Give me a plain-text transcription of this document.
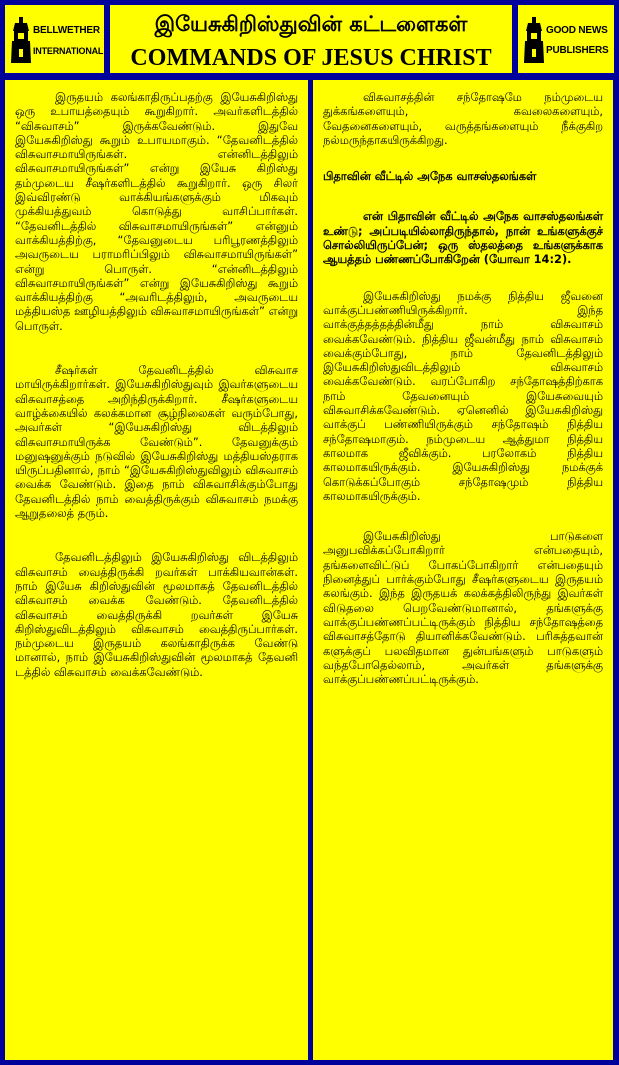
BELLWETHER
INTERNATIONAL
இயேசுகிறிஸ்துவின் கட்டளைகள்
COMMANDS OF JESUS CHRIST
GOOD NEWS
PUBLISHERS

இருதயம் கலங்காதிருப்பதற்கு இயேசுகிறிஸ்து ஒரு உபாயத்தையும் கூறுகிறார். அவர்களிடத்தில் “விசுவாசம்” இருக்கவேண்டும். இதுவே இயேசுகிறிஸ்து கூறும் உபாயமாகும். “தேவனிடத்தில் விசுவாசமாயிருங்கள். என்னிடத்திலும் விசுவாசமாயிருங்கள்” என்று இயேசு கிறிஸ்து தம்முடைய சீஷர்களிடத்தில் கூறுகிறார். ஒரு சிலர் இவ்விரண்டு வாக்கியங்களுக்கும் மிகவும் முக்கியத்துவம் கொடுத்து வாசிப்பார்கள். “தேவனிடத்தில் விசுவாசமாயிருங்கள்” என்னும் வாக்கியத்திற்கு, “தேவனுடைய பரிபூரணத்திலும் அவருடைய பராமரிப்பிலும் விசுவாசமாயிருங்கள்” என்று பொருள். “என்னிடத்திலும் விசுவாசமாயிருங்கள்” என்று இயேசுகிறிஸ்து கூறும் வாக்கியத்திற்கு “அவரிடத்திலும், அவருடைய மத்தியஸ்த ஊழியத்திலும் விசுவாசமாயிருங்கள்” என்று பொருள்.

சீஷர்கள் தேவனிடத்தில் விசுவாச மாயிருக்கிறார்கள். இயேசுகிறிஸ்துவும் இவர்களுடைய விசுவாசத்தை அறிந்திருக்கிறார். சீஷர்களுடைய வாழ்க்கையில் கலக்கமான சூழ்நிலைகள் வரும்போது, அவர்கள் “இயேசுகிறிஸ்து விடத்திலும் விசுவாசமாயிருக்க வேண்டும்”. தேவனுக்கும் மனுஷனுக்கும் நடுவில் இயேசுகிறிஸ்து மத்தியஸ்தராக யிருப்பதினால், நாம் “இயேசுகிறிஸ்துவிலும் விசுவாசம் வைக்க வேண்டும். இதை நாம் விசுவாசிக்கும்போது தேவனிடத்தில் நாம் வைத்திருக்கும் விசுவாசம் நமக்கு ஆறுதலைத் தரும்.

தேவனிடத்திலும் இயேசுகிறிஸ்து விடத்திலும் விசுவாசம் வைத்திருக்கி றவர்கள் பாக்கியவான்கள். நாம் இயேசு கிறிஸ்துவின் மூலமாகத் தேவனிடத்தில் விசுவாசம் வைக்க வேண்டும். தேவனிடத்தில் விசுவாசம் வைத்திருக்கி றவர்கள் இயேசு கிறிஸ்துவிடத்திலும் விசுவாசம் வைத்திருப்பார்கள். நம்முடைய இருதயம் கலங்காதிருக்க வேண்டு மானால், நாம் இயேசுகிறிஸ்துவின் மூலமாகத் தேவனி டத்தில் விசுவாசம் வைக்கவேண்டும்.

விசுவாசத்தின் சந்தோஷமே நம்முடைய துக்கங்களையும், கவலைகளையும், வேதனைகளையும், வருத்தங்களையும் நீக்குகிற நல்மருந்தாகயிருக்கிறது.

பிதாவின் வீட்டில் அநேக வாசஸ்தலங்கள்

என் பிதாவின் வீட்டில் அநேக வாசஸ்தலங்கள் உண்டு; அப்படியில்லாதிருந்தால், நான் உங்களுக்குச் சொல்லியிருப்பேன்; ஒரு ஸ்தலத்தை உங்களுக்காக ஆயத்தம் பண்ணப்போகிறேன் (யோவா 14:2).

இயேசுகிறிஸ்து நமக்கு நித்திய ஜீவனை வாக்குப்பண்ணியிருக்கிறார். இந்த வாக்குத்தத்தத்தின்மீது நாம் விசுவாசம் வைக்கவேண்டும். நித்திய ஜீவன்மீது நாம் விசுவாசம் வைக்கும்போது, நாம் தேவனிடத்திலும் இயேசுகிறிஸ்துவிடத்திலும் விசுவாசம் வைக்கவேண்டும். வரப்போகிற சந்தோஷத்திற்காக நாம் தேவனையும் இயேசுவையும் விசுவாசிக்கவேண்டும். ஏனெனில் இயேசுகிறிஸ்து வாக்குப் பண்ணியிருக்கும் சந்தோஷம் நித்திய சந்தோஷமாகும். நம்முடைய ஆத்துமா நித்திய காலமாக ஜீவிக்கும். பரலோகம் நித்திய காலமாகயிருக்கும். இயேசுகிறிஸ்து நமக்குக் கொடுக்கப்போகும் சந்தோஷமும் நித்திய காலமாகயிருக்கும்.

இயேசுகிறிஸ்து பாடுகளை அனுபவிக்கப்போகிறார் என்பதையும், தங்களைவிட்டுப் போகப்போகிறார் என்பதையும் நினைத்துப் பார்க்கும்போது சீஷர்களுடைய இருதயம் கலங்கும். இந்த இருதயக் கலக்கத்திலிருந்து இவர்கள் விடுதலை பெறவேண்டுமானால், தங்களுக்கு வாக்குப்பண்ணப்பட்டிருக்கும் நித்திய சந்தோஷத்தை விசுவாசத்தோடு தியானிக்கவேண்டும். பரிசுத்தவான் களுக்குப் பலவிதமான துன்பங்களும் பாடுகளும் வந்தபோதெல்லாம், அவர்கள் தங்களுக்கு வாக்குப்பண்ணப்பட்டிருக்கும்.
